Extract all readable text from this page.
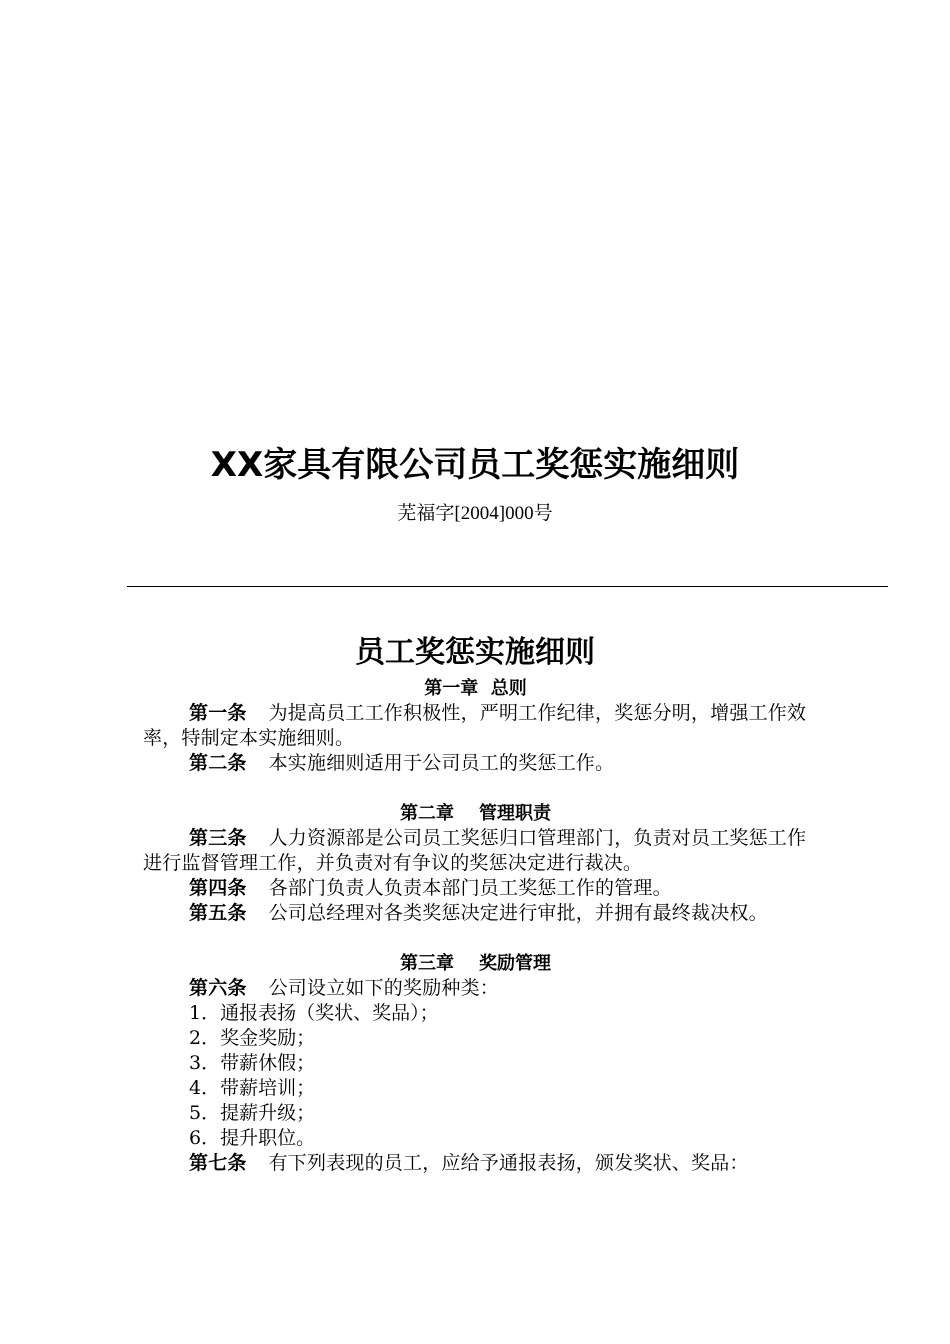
XX家具有限公司员工奖惩实施细则
芜福字[2004]000号
员工奖惩实施细则
第一章  总则

第一条 为提高员工工作积极性，严明工作纪律，奖惩分明，增强工作效率，特制定本实施细则。

第二条 本实施细则适用于公司员工的奖惩工作。

第二章    管理职责

第三条 人力资源部是公司员工奖惩归口管理部门，负责对员工奖惩工作进行监督管理工作，并负责对有争议的奖惩决定进行裁决。

第四条 各部门负责人负责本部门员工奖惩工作的管理。

第五条 公司总经理对各类奖惩决定进行审批，并拥有最终裁决权。

第三章    奖励管理

第六条 公司设立如下的奖励种类：

1．通报表扬（奖状、奖品）；

2．奖金奖励；

3．带薪休假；

4．带薪培训；

5．提薪升级；

6．提升职位。

第七条 有下列表现的员工，应给予通报表扬，颁发奖状、奖品：
